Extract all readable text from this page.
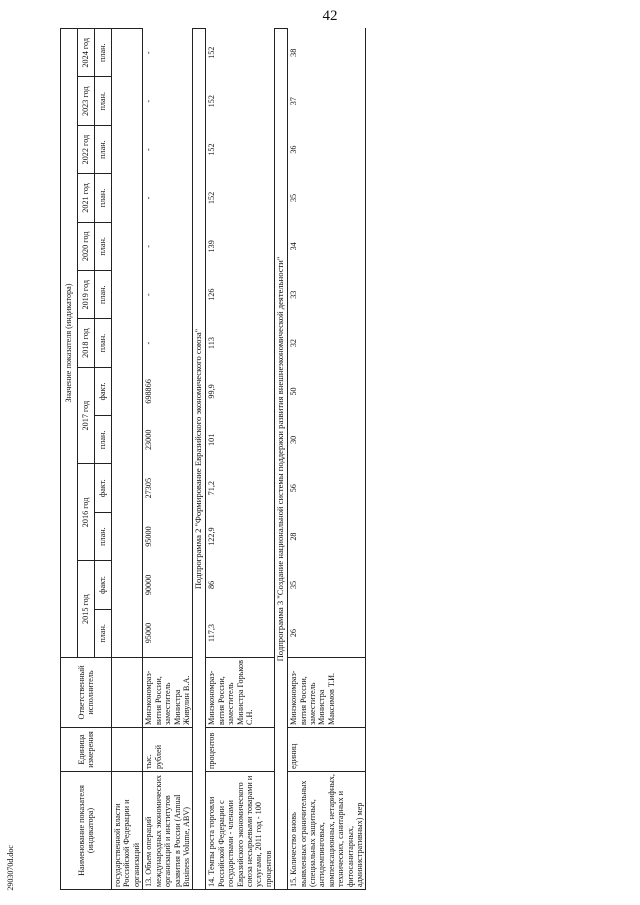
42
Наименование показателя (индикатора)	Единица измерения	Ответственный исполнитель	Значение показателя (индикатора)												
			2015 год		2016 год		2017 год		2018 год	2019 год	2020 год	2021 год	2022 год	2023 год	2024 год
			план.	факт.	план.	факт.	план.	факт.	план.	план.	план.	план.	план.	план.	план.
государственной власти Российской Федерации и организаций															
13. Объем операций международных экономических организаций и институтов развития в России (Annual Business Volume, ABV)	тыс. рублей	Минэкономраз-вития России, заместитель Министра Живулин В.А.	95000	90000	95000	27305	23000	698866	-	-	-	-	-	-	-
Подпрограмма 2 "Формирование Евразийского экономического союза"															
14. Темпы роста торговли Российской Федерации с государствами - членами Евразийского экономического союза несырьевыми товарами и услугами, 2011 год - 100 процентов	процентов	Минэкономраз-вития России, заместитель Министра Горьков С.Н.	117,3	86	122,9	71,2	101	99,9	113	126	139	152	152	152	152
Подпрограмма 3 "Создание национальной системы поддержки развития внешнеэкономической деятельности"															
15. Количество вновь выявленных ограничительных (специальных защитных, антидемпинговых, компенсационных, нетарифных, технических, санитарных и фитосанитарных, административных) мер	единиц	Минэкономраз-вития России, заместитель Министра Максимов Т.И.	26	35	28	56	30	50	32	33	34	35	36	37	38
2903070d.doc
